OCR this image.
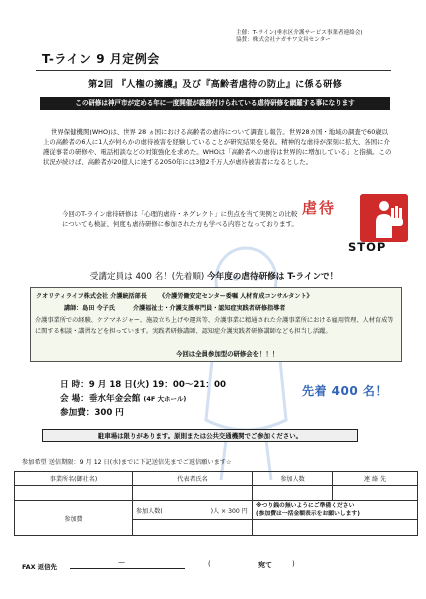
主催：T-ライン(垂水区介護サービス事業者連絡会)
協賛：株式会社ナガサワ文具センター
T-ライン 9 月定例会
第2回 『人権の擁護』及び『高齢者虐待の防止』に係る研修
この研修は神戸市が定める年に一度開催が義務付けられている虐待研修を網羅する事になります
世界保健機関(WHO)は、世界 28 ヵ国における高齢者の虐待について調査し報告。世界28カ国・地域の調査で60歳以上の高齢者の6人に1人が何らかの虐待被害を経験していることが研究結果を発表。精神的な虐待が深刻に拡大、各国に介護従事者の研修や、電話相談などの対策強化を求めた。WHOは「高齢者への虐待は世界的に増加している」と指摘。この状況が続けば、高齢者が20億人に達する2050年には3億2千万人が虐待被害者になるとした。
今回のT-ライン虐待研修は「心理的虐待・ネグレクト」に焦点を当て実例との比較についても検証、何度も虐待研修に参加された方も学べる内容となっております。
虐待
STOP
受講定員は 400 名！(先着順) 今年度の虐待研修は T-ラインで！
クオリティライフ株式会社 介護統括部長 《介護労働安定センター委嘱 人材育成コンサルタント》
講師：島田 令子氏	介護福祉士・介護支援専門員・認知症実践者研修指導者
介護事業所での経験、ケアマネジャー、施設立ち上げや運営等、介護事業に精通された介護事業所における雇用管理、人材育成等に関する相談・講習などを担っています。実践者研修講師、認知症介護実践者研修講師なども担当し活躍。
今回は全員参加型の研修会を！！！
日 時：9 月 18 日(火) 19：00～21：00
会 場：垂水年金会館 (4F 大ホール)
参加費：300 円
先着 400 名！
駐車場は限りがあります。原則または公共交通機関でご参加ください。
参加希望 送信期限：9 月 12 日(水)までに下記送信先までご返信願います☆
事業所名(御社名)	代表者氏名	参加人数	連 絡 先

参加費	参加人数( )人 × 300 円	※つり銭の無いようにご準備ください
(参加費は一括金額表示をお願いします)	

FAX 返信先
—	(	宛て	)
